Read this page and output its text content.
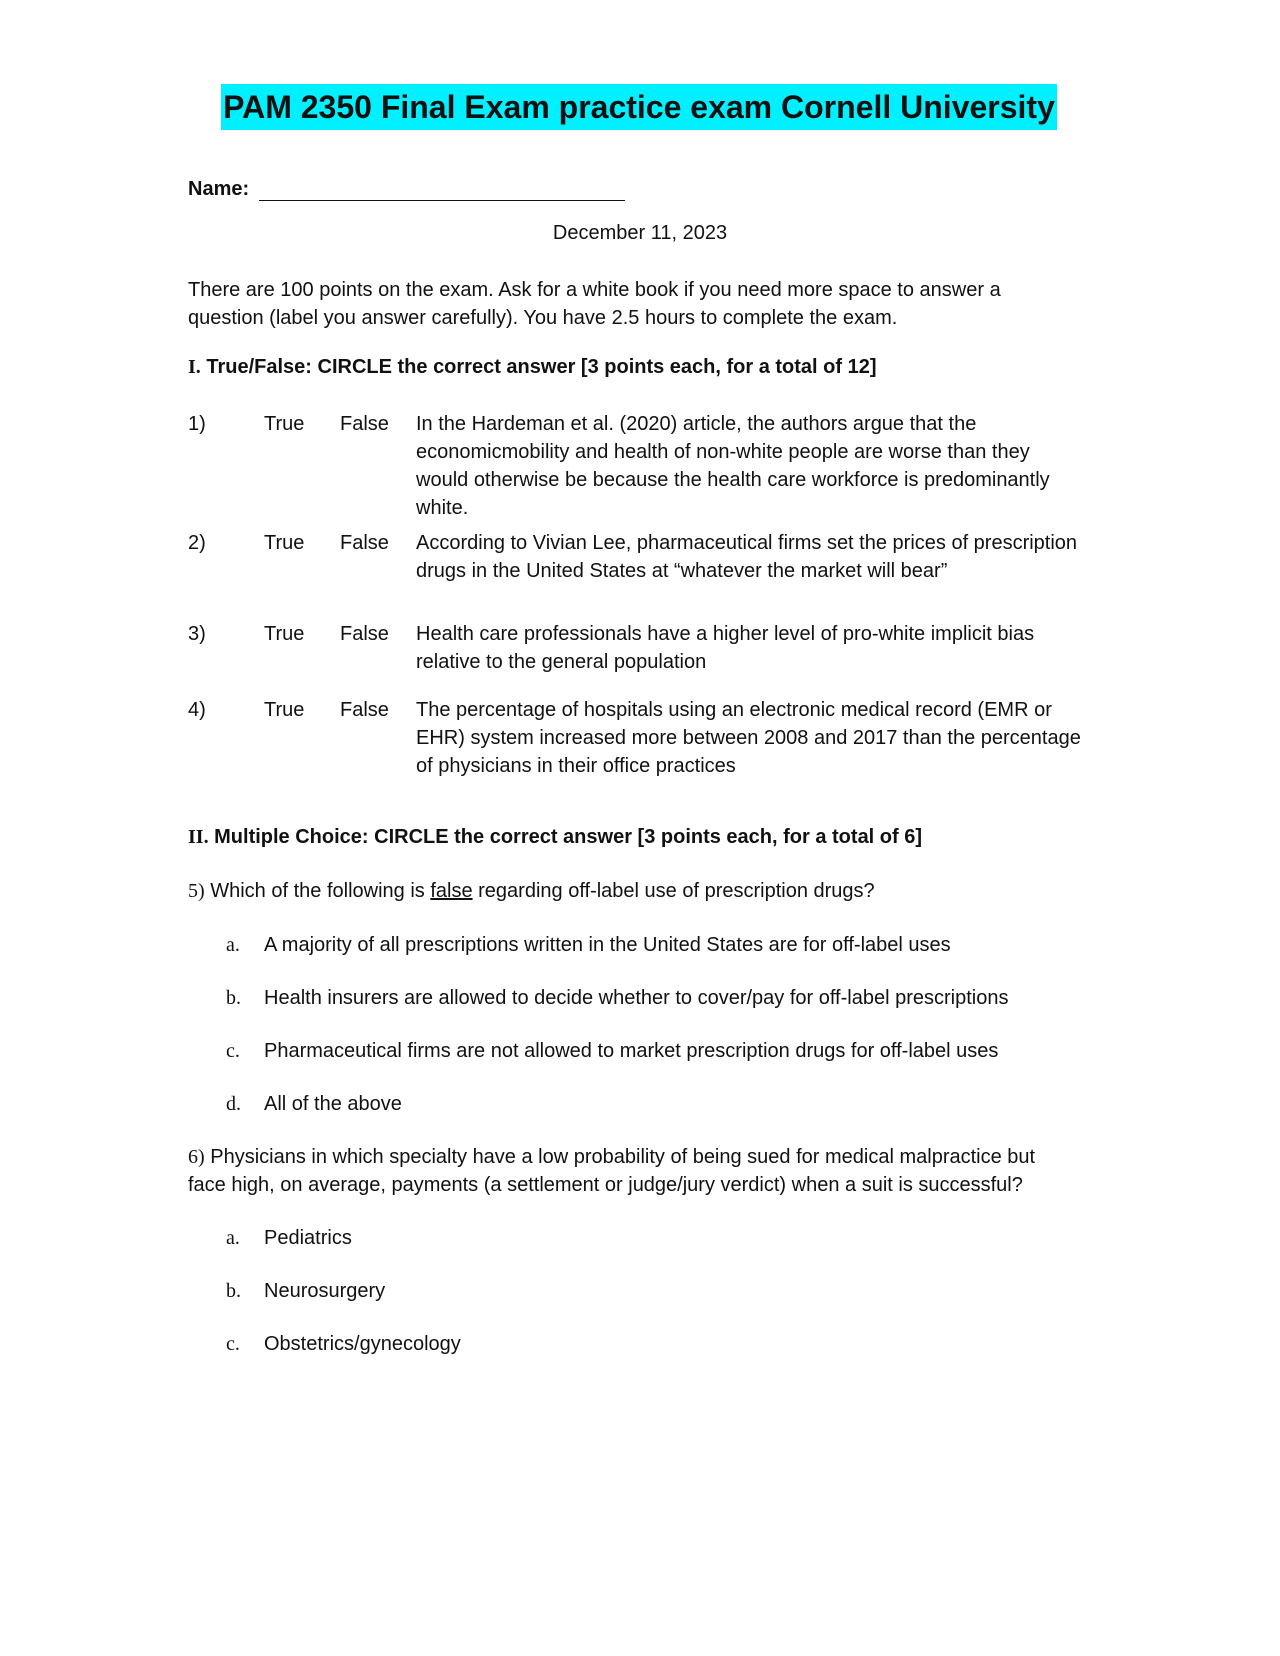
PAM 2350 Final Exam practice exam Cornell University
Name:
December 11, 2023

There are 100 points on the exam. Ask for a white book if you need more space to answer a
question (label you answer carefully). You have 2.5 hours to complete the exam.

I. True/False: CIRCLE the correct answer [3 points each, for a total of 12]
1)	True False In the Hardeman et al. (2020) article, the authors argue that the economicmobility and health of non-white people are worse than they would otherwise be because the health care workforce is predominantly white.
2)	True False According to Vivian Lee, pharmaceutical firms set the prices of prescription drugs in the United States at “whatever the market will bear”
3)	True False Health care professionals have a higher level of pro-white implicit bias relative to the general population
4)	True False The percentage of hospitals using an electronic medical record (EMR or EHR) system increased more between 2008 and 2017 than the percentage of physicians in their office practices
II. Multiple Choice: CIRCLE the correct answer [3 points each, for a total of 6]
5) Which of the following is false regarding off-label use of prescription drugs?
a. A majority of all prescriptions written in the United States are for off-label uses
b. Health insurers are allowed to decide whether to cover/pay for off-label prescriptions
c. Pharmaceutical firms are not allowed to market prescription drugs for off-label uses
d. All of the above
6) Physicians in which specialty have a low probability of being sued for medical malpractice but
face high, on average, payments (a settlement or judge/jury verdict) when a suit is successful?
a. Pediatrics
b. Neurosurgery
c. Obstetrics/gynecology
